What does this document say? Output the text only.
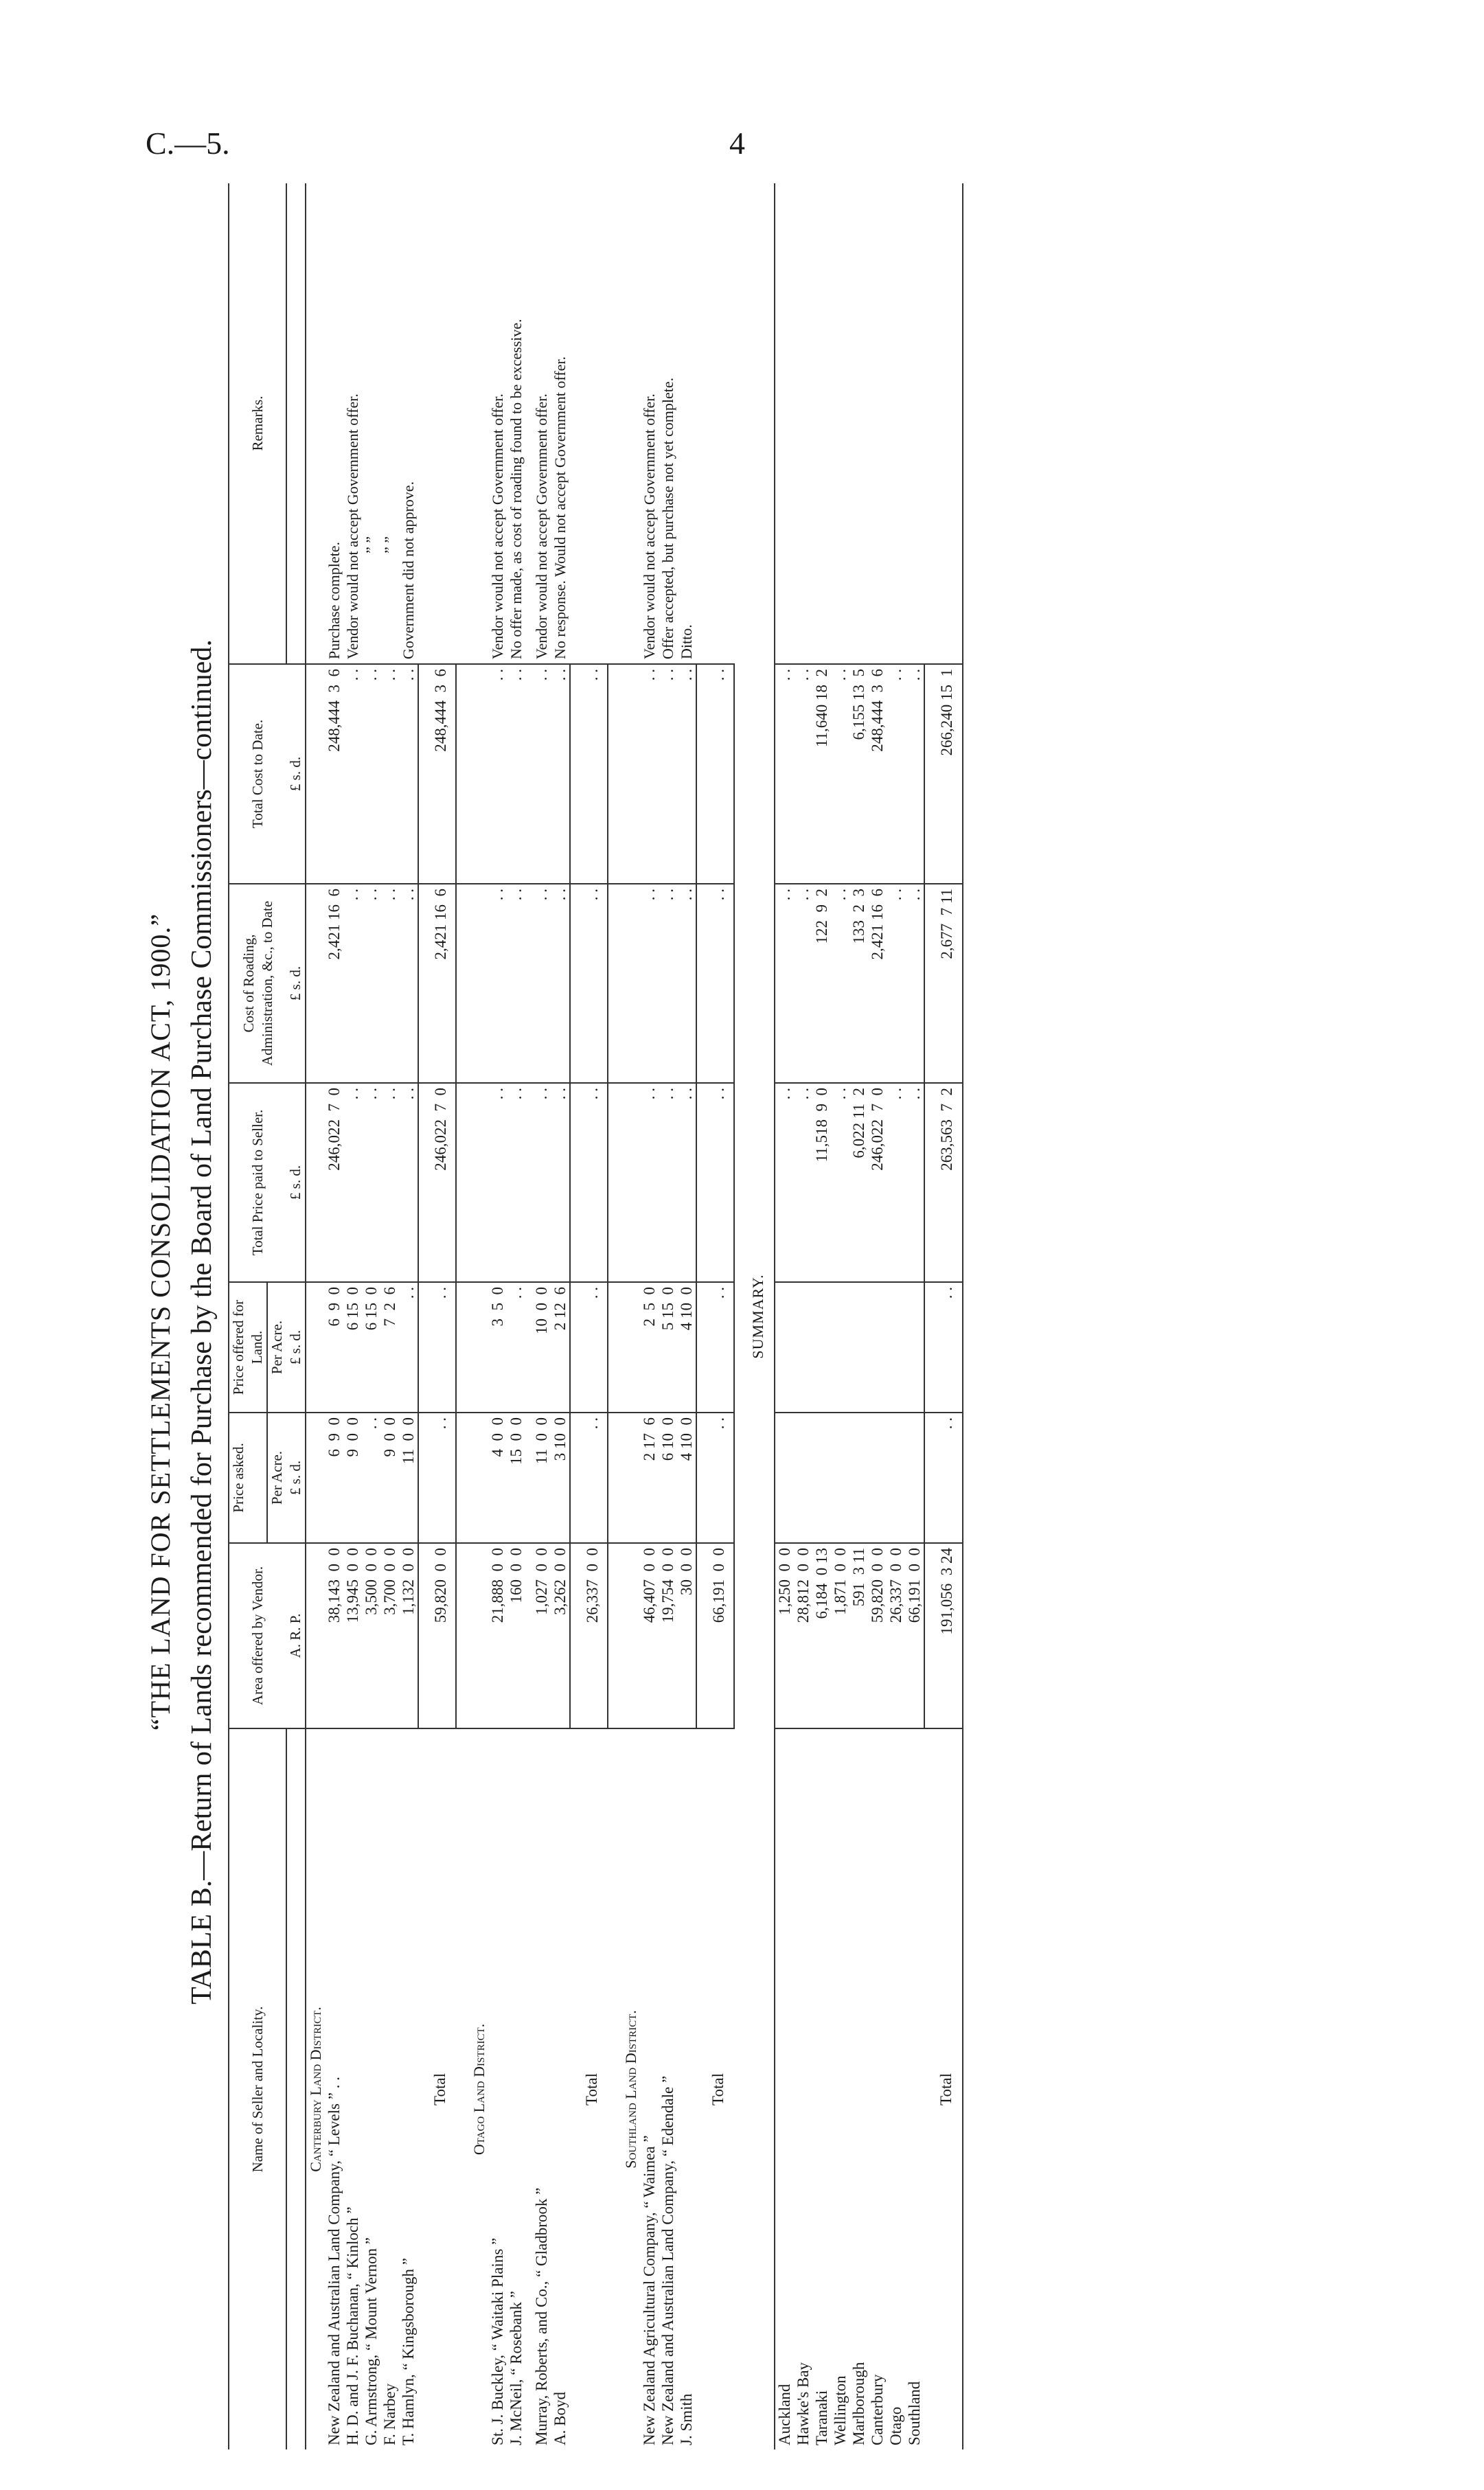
C.—5.	4
“THE LAND FOR SETTLEMENTS CONSOLIDATION ACT, 1900.” TABLE B.—Return of Lands recommended for Purchase by the Board of Land Purchase Commissioners—continued.
Name of Seller and Locality.	Area offered by Vendor.	Price asked.	Price offered for Land.	Total Price paid to Seller.	Cost of Roading, Administration, &c., to Date	Total Cost to Date.	Remarks.
		Per Acre.	Per Acre.				
	A. R. P.	£ s. d.	£ s. d.	£ s. d.	£ s. d.	£ s. d.	
Canterbury Land District.							
New Zealand and Australian Land Company, “ Levels ” . .	38,143  0  0	6  9  0	6  9  0	246,022  7  0	2,421 16  6	248,444  3  6	Purchase complete.
H. D. and J. F. Buchanan, “ Kinloch ”	13,945  0  0	9  0  0	6 15  0	. .	. .	. .	Vendor would not accept Government offer.
G. Armstrong, “ Mount Vernon ”	3,500  0  0	. .	6 15  0	. .	. .	. .	” ”
F. Narbey	3,700  0  0	9  0  0	7  2  6	. .	. .	. .	” ”
T. Hamlyn, “ Kingsborough ”	1,132  0  0	11  0  0	. .	. .	. .	. .	Government did not approve.
Total	59,820  0  0	. .	. .	246,022  7  0	2,421 16  6	248,444  3  6	
Otago Land District.							
St. J. Buckley, “ Waitaki Plains ”	21,888  0  0	4  0  0	3  5  0	. .	. .	. .	Vendor would not accept Government offer.
J. McNeil, “ Rosebank ”	160  0  0	15  0  0	. .	. .	. .	. .	No offer made, as cost of roading found to be excessive.
Murray, Roberts, and Co., “ Gladbrook ”	1,027  0  0	11  0  0	10  0  0	. .	. .	. .	Vendor would not accept Government offer.
A. Boyd	3,262  0  0	3 10  0	2 12  6	. .	. .	. .	No response. Would not accept Government offer.
Total	26,337  0  0	. .	. .	. .	. .	. .	
Southland Land District.							
New Zealand Agricultural Company, “ Waimea ”	46,407  0  0	2 17  6	2  5  0	. .	. .	. .	Vendor would not accept Government offer.
New Zealand and Australian Land Company, “ Edendale ”	19,754  0  0	6 10  0	5 15  0	. .	. .	. .	Offer accepted, but purchase not yet complete.
J. Smith	30  0  0	4 10  0	4 10  0	. .	. .	. .	Ditto.
Total	66,191  0  0	. .	. .	. .	. .	. .	
SUMMARY.							
Auckland	1,250  0  0			. .	. .	. .	
Hawke's Bay	28,812  0  0			. .	. .	. .	
Taranaki	6,184  0 13			11,518  9  0	122  9  2	11,640 18  2	
Wellington	1,871  0  0			. .	. .	. .	
Marlborough	591  3 11			6,022 11  2	133  2  3	6,155 13  5	
Canterbury	59,820  0  0			246,022  7  0	2,421 16  6	248,444  3  6	
Otago	26,337  0  0			. .	. .	. .	
Southland	66,191  0  0			. .	. .	. .	
Total	191,056  3 24	. .	. .	263,563  7  2	2,677  7 11	266,240 15  1	
